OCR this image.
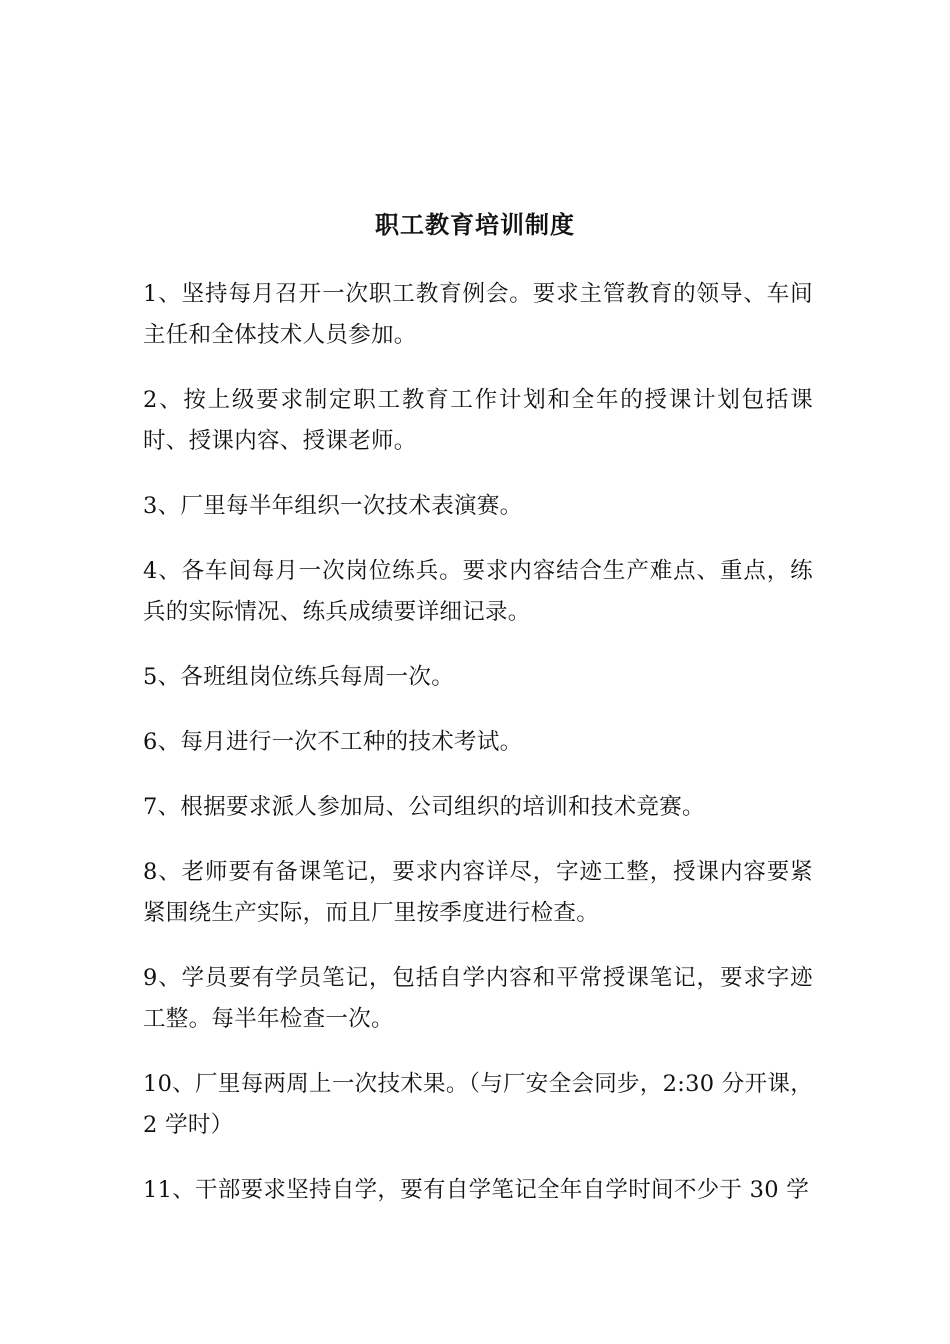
职工教育培训制度
1、坚持每月召开一次职工教育例会。要求主管教育的领导、车间主任和全体技术人员参加。
2、按上级要求制定职工教育工作计划和全年的授课计划包括课时、授课内容、授课老师。
3、厂里每半年组织一次技术表演赛。
4、各车间每月一次岗位练兵。要求内容结合生产难点、重点，练兵的实际情况、练兵成绩要详细记录。
5、各班组岗位练兵每周一次。
6、每月进行一次不工种的技术考试。
7、根据要求派人参加局、公司组织的培训和技术竞赛。
8、老师要有备课笔记，要求内容详尽，字迹工整，授课内容要紧紧围绕生产实际，而且厂里按季度进行检查。
9、学员要有学员笔记，包括自学内容和平常授课笔记，要求字迹工整。每半年检查一次。
10、厂里每两周上一次技术果。（与厂安全会同步，2:30 分开课，2 学时）
11、干部要求坚持自学，要有自学笔记全年自学时间不少于 30 学
